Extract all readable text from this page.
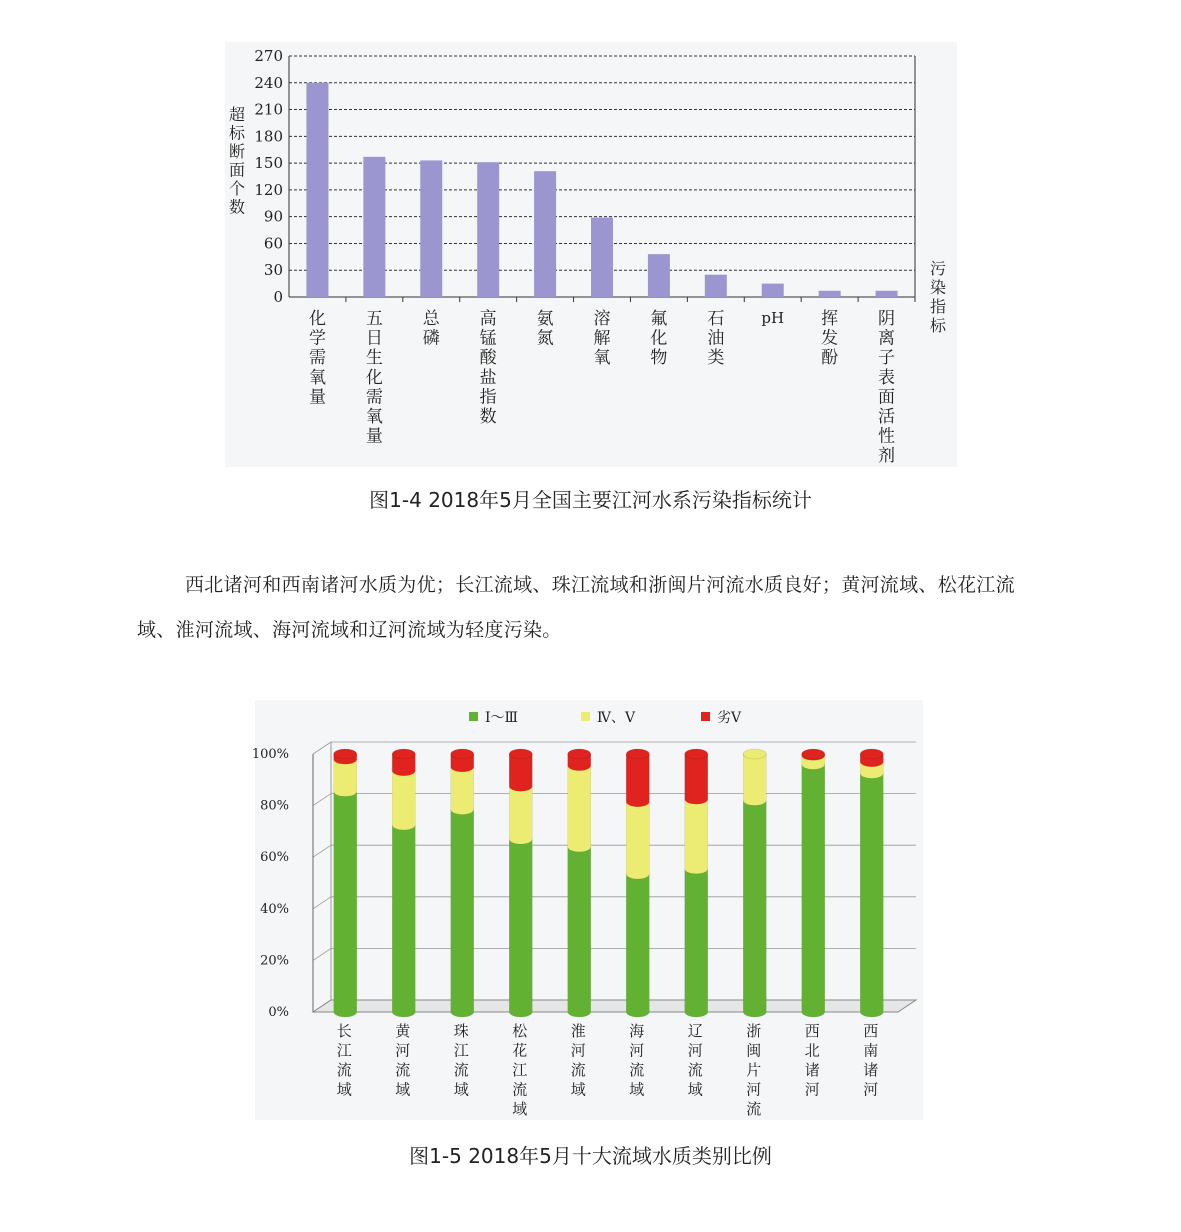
0
30
60
90
120
150
180
210
240
270
化学需氧量
五日生化需氧量
总磷
高锰酸盐指数
氨氮
溶解氧
氟化物
石油类
pH 挥发酚
阴离子表面活性剂
超标断面个数
污染指标

图1-4 2018年5月全国主要江河水系污染指标统计

西北诸河和西南诸河水质为优；长江流域、珠江流域和浙闽片河流水质良好；黄河流域、松花江流域、淮河流域、海河流域和辽河流域为轻度污染。

0%
20%
40%
60%
80%
100%
Ⅰ～Ⅲ	Ⅳ、Ⅴ	劣Ⅴ
长江流域
黄河流域
珠江流域
松花江流域
淮河流域
海河流域
辽河流域
浙闽片河流
西北诸河
西南诸河

图1-5 2018年5月十大流域水质类别比例
